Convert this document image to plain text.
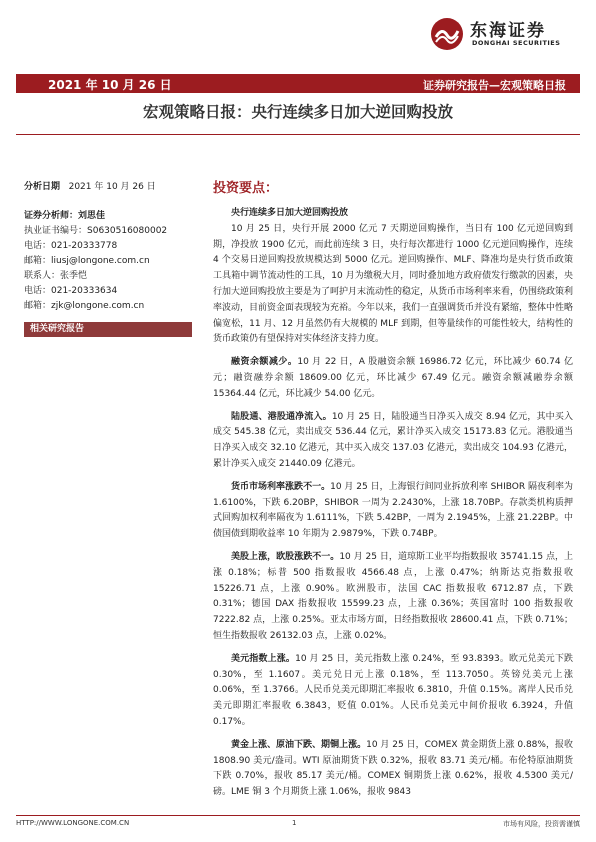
东海证券
DONGHAI SECURITIES
2021 年 10 月 26 日	证券研究报告—宏观策略日报
宏观策略日报：央行连续多日加大逆回购投放
分析日期 2021 年 10 月 26 日
证券分析师：刘思佳
执业证书编号：S0630516080002
电话：021-20333778
邮箱：liusj@longone.com.cn
联系人：张季恺
电话：021-20333634
邮箱：zjk@longone.com.cn
相关研究报告
投资要点：

央行连续多日加大逆回购投放

10 月 25 日，央行开展 2000 亿元 7 天期逆回购操作，当日有 100 亿元逆回购到期，净投放 1900 亿元，而此前连续 3 日，央行每次都进行 1000 亿元逆回购操作，连续 4 个交易日逆回购投放规模达到 5000 亿元。逆回购操作、MLF、降准均是央行货币政策工具箱中调节流动性的工具，10 月为缴税大月，同时叠加地方政府债发行缴款的因素，央行加大逆回购投放主要是为了呵护月末流动性的稳定，从货币市场利率来看，仍围绕政策利率波动，目前资金面表现较为充裕。今年以来，我们一直强调货币并没有紧缩，整体中性略偏宽松，11 月、12 月虽然仍有大规模的 MLF 到期，但等量续作的可能性较大，结构性的货币政策仍有望保持对实体经济支持力度。

融资余额减少。10 月 22 日，A 股融资余额 16986.72 亿元，环比减少 60.74 亿元；融资融券余额 18609.00 亿元，环比减少 67.49 亿元。融资余额减融券余额 15364.44 亿元，环比减少 54.00 亿元。

陆股通、港股通净流入。10 月 25 日，陆股通当日净买入成交 8.94 亿元，其中买入成交 545.38 亿元，卖出成交 536.44 亿元，累计净买入成交 15173.83 亿元。港股通当日净买入成交 32.10 亿港元，其中买入成交 137.03 亿港元，卖出成交 104.93 亿港元，累计净买入成交 21440.09 亿港元。

货币市场利率涨跌不一。10 月 25 日，上海银行间同业拆放利率 SHIBOR 隔夜利率为 1.6100%，下跌 6.20BP，SHIBOR 一周为 2.2430%，上涨 18.70BP。存款类机构质押式回购加权利率隔夜为 1.6111%，下跌 5.42BP，一周为 2.1945%，上涨 21.22BP。中债国债到期收益率 10 年期为 2.9879%，下跌 0.74BP。

美股上涨，欧股涨跌不一。10 月 25 日，道琼斯工业平均指数报收 35741.15 点，上涨 0.18%；标普 500 指数报收 4566.48 点，上涨 0.47%；纳斯达克指数报收 15226.71 点，上涨 0.90%。欧洲股市，法国 CAC 指数报收 6712.87 点，下跌 0.31%；德国 DAX 指数报收 15599.23 点，上涨 0.36%；英国富时 100 指数报收 7222.82 点，上涨 0.25%。亚太市场方面，日经指数报收 28600.41 点，下跌 0.71%；恒生指数报收 26132.03 点，上涨 0.02%。

美元指数上涨。10 月 25 日，美元指数上涨 0.24%，至 93.8393。欧元兑美元下跌 0.30%，至 1.1607。美元兑日元上涨 0.18%，至 113.7050。英镑兑美元上涨 0.06%，至 1.3766。人民币兑美元即期汇率报收 6.3810，升值 0.15%。离岸人民币兑美元即期汇率报收 6.3843，贬值 0.01%。人民币兑美元中间价报收 6.3924，升值 0.17%。

黄金上涨、原油下跌、期铜上涨。10 月 25 日，COMEX 黄金期货上涨 0.88%，报收 1808.90 美元/盎司。WTI 原油期货下跌 0.32%，报收 83.71 美元/桶。布伦特原油期货下跌 0.70%，报收 85.17 美元/桶。COMEX 铜期货上涨 0.62%，报收 4.5300 美元/磅。LME 铜 3 个月期货上涨 1.06%，报收 9843

HTTP://WWW.LONGONE.COM.CN	1	市场有风险，投资需谨慎
